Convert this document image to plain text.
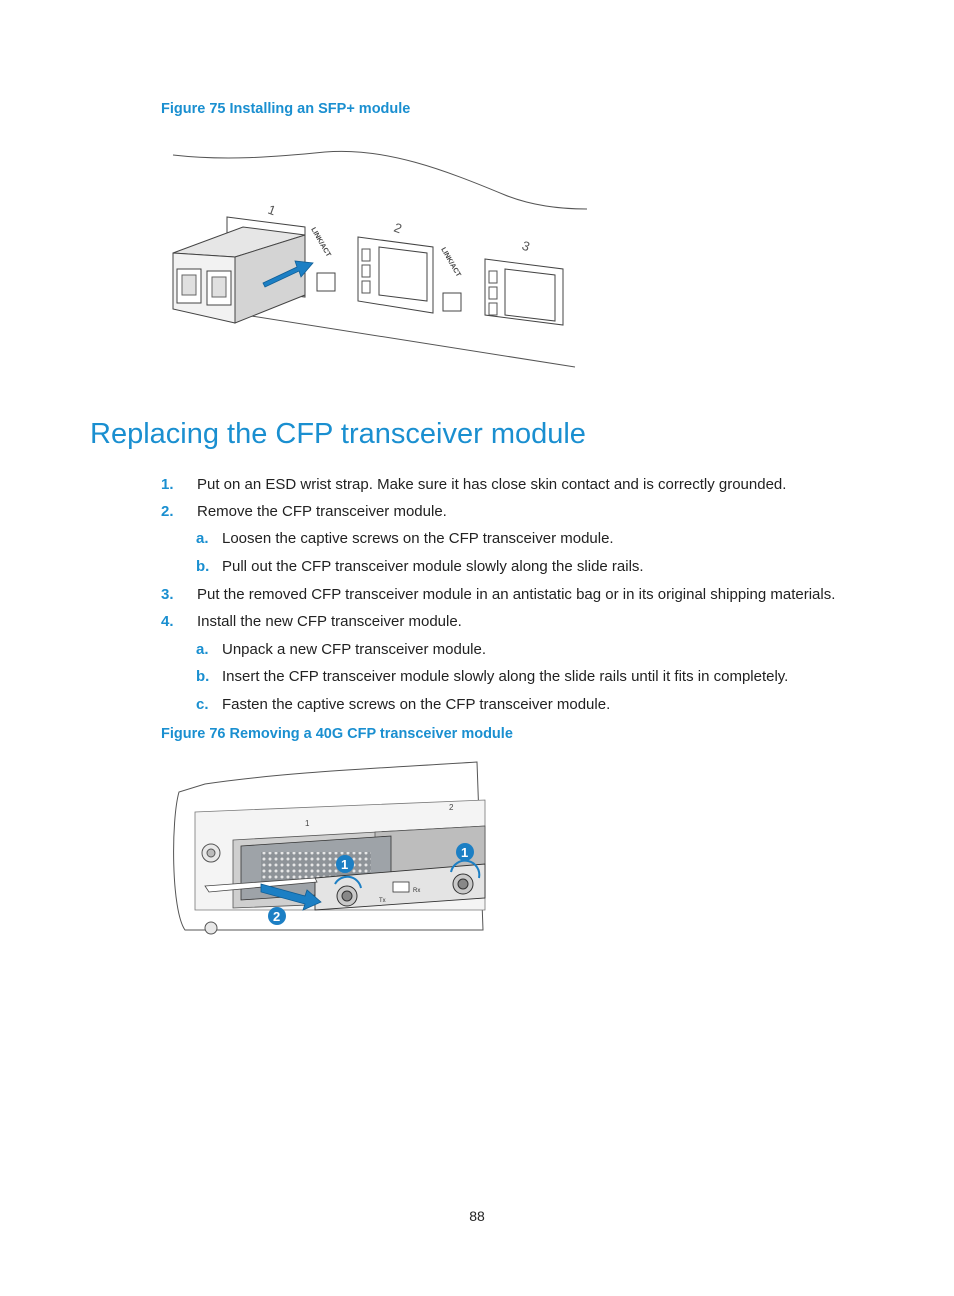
Figure 75 Installing an SFP+ module
1
2
3
LINK/ACT
LINK/ACT
Replacing the CFP transceiver module
1. Put on an ESD wrist strap. Make sure it has close skin contact and is correctly grounded.
2. Remove the CFP transceiver module.
a. Loosen the captive screws on the CFP transceiver module.
b. Pull out the CFP transceiver module slowly along the slide rails.
3. Put the removed CFP transceiver module in an antistatic bag or in its original shipping materials.
4. Install the new CFP transceiver module.
a. Unpack a new CFP transceiver module.
b. Insert the CFP transceiver module slowly along the slide rails until it fits in completely.
c. Fasten the captive screws on the CFP transceiver module.
Figure 76 Removing a 40G CFP transceiver module
Tx
Rx
1
2
1
1
2
88
